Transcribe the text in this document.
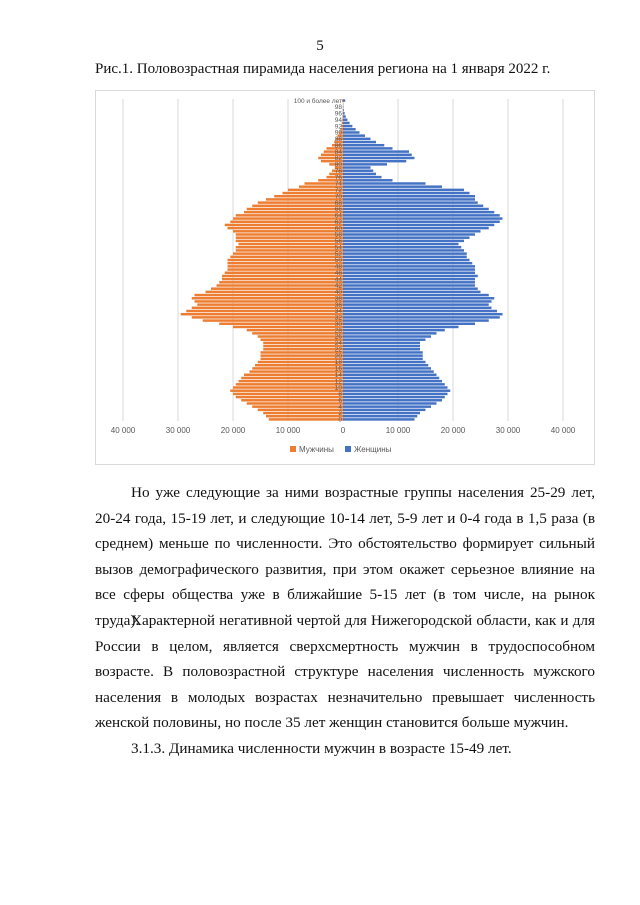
5
Рис.1. Половозрастная пирамида населения региона на 1 января 2022 г.
40 000	30 000	20 000	10 000	0	10 000	20 000	30 000	40 000
0
2
4
6
8
10
12
14
16
18
20
22
24
26
28
30
32
34
36
38
40
42
44
46
48
50
52
54
56
58
60
62
64
66
68
70
72
74
76
78
80
82
84
86
88
90
92
94
96
98
100 и более лет
Мужчины	Женщины

Но уже следующие за ними возрастные группы населения 25-29 лет, 20-24 года, 15-19 лет, и следующие 10-14 лет, 5-9 лет и 0-4 года в 1,5 раза (в среднем) меньше по численности. Это обстоятельство формирует сильный вызов демографического развития, при этом окажет серьезное влияние на все сферы общества уже в ближайшие 5-15 лет (в том числе, на рынок труда).

Характерной негативной чертой для Нижегородской области, как и для России в целом, является сверхсмертность мужчин в трудоспособном возрасте. В половозрастной структуре населения численность мужского населения в молодых возрастах незначительно превышает численность женской половины, но после 35 лет женщин становится больше мужчин.

3.1.3. Динамика численности мужчин в возрасте 15-49 лет.
